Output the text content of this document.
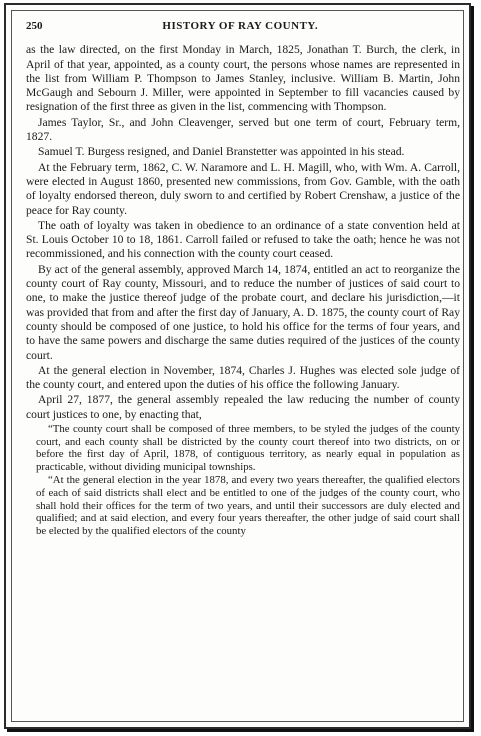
250	HISTORY OF RAY COUNTY.

as the law directed, on the first Monday in March, 1825, Jonathan T. Burch, the clerk, in April of that year, appointed, as a county court, the persons whose names are represented in the list from William P. Thompson to James Stanley, inclusive. William B. Martin, John McGaugh and Sebourn J. Miller, were appointed in September to fill vacancies caused by resignation of the first three as given in the list, commencing with Thompson.

James Taylor, Sr., and John Cleavenger, served but one term of court, February term, 1827.

Samuel T. Burgess resigned, and Daniel Branstetter was appointed in his stead.

At the February term, 1862, C. W. Naramore and L. H. Magill, who, with Wm. A. Carroll, were elected in August 1860, presented new commissions, from Gov. Gamble, with the oath of loyalty endorsed thereon, duly sworn to and certified by Robert Crenshaw, a justice of the peace for Ray county.

The oath of loyalty was taken in obedience to an ordinance of a state convention held at St. Louis October 10 to 18, 1861. Carroll failed or refused to take the oath; hence he was not recommissioned, and his connection with the county court ceased.

By act of the general assembly, approved March 14, 1874, entitled an act to reorganize the county court of Ray county, Missouri, and to reduce the number of justices of said court to one, to make the justice thereof judge of the probate court, and declare his jurisdiction,—it was provided that from and after the first day of January, A. D. 1875, the county court of Ray county should be composed of one justice, to hold his office for the terms of four years, and to have the same powers and discharge the same duties required of the justices of the county court.

At the general election in November, 1874, Charles J. Hughes was elected sole judge of the county court, and entered upon the duties of his office the following January.

April 27, 1877, the general assembly repealed the law reducing the number of county court justices to one, by enacting that,

“The county court shall be composed of three members, to be styled the judges of the county court, and each county shall be districted by the county court thereof into two districts, on or before the first day of April, 1878, of contiguous territory, as nearly equal in population as practicable, without dividing municipal townships.

“At the general election in the year 1878, and every two years thereafter, the qualified electors of each of said districts shall elect and be entitled to one of the judges of the county court, who shall hold their offices for the term of two years, and until their successors are duly elected and qualified; and at said election, and every four years thereafter, the other judge of said court shall be elected by the qualified electors of the county
